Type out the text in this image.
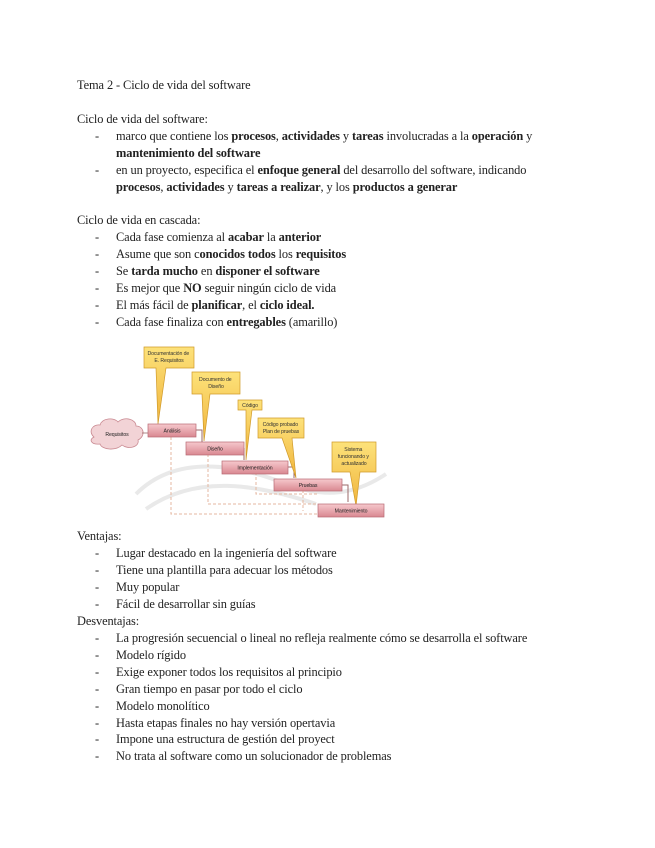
Tema 2 - Ciclo de vida del software
Ciclo de vida del software:
- marco que contiene los procesos, actividades y tareas involucradas a la operación y mantenimiento del software
- en un proyecto, especifica el enfoque general del desarrollo del software, indicando procesos, actividades y tareas a realizar, y los productos a generar
Ciclo de vida en cascada:
- Cada fase comienza al acabar la anterior
- Asume que son conocidos todos los requisitos
- Se tarda mucho en disponer el software
- Es mejor que NO seguir ningún ciclo de vida
- El más fácil de planificar, el ciclo ideal.
- Cada fase finaliza con entregables (amarillo)
Requisitos
Documentación de E. Requisitos
Documento de Diseño
Código
Código probado Plan de pruebas
Sistema funcionando y actualizado
Análisis
Diseño
Implementación
Pruebas
Mantenimiento
Ventajas:
- Lugar destacado en la ingeniería del software
- Tiene una plantilla para adecuar los métodos
- Muy popular
- Fácil de desarrollar sin guías
Desventajas:
- La progresión secuencial o lineal no refleja realmente cómo se desarrolla el software
- Modelo rígido
- Exige exponer todos los requisitos al principio
- Gran tiempo en pasar por todo el ciclo
- Modelo monolítico
- Hasta etapas finales no hay versión opertavia
- Impone una estructura de gestión del proyect
- No trata al software como un solucionador de problemas
